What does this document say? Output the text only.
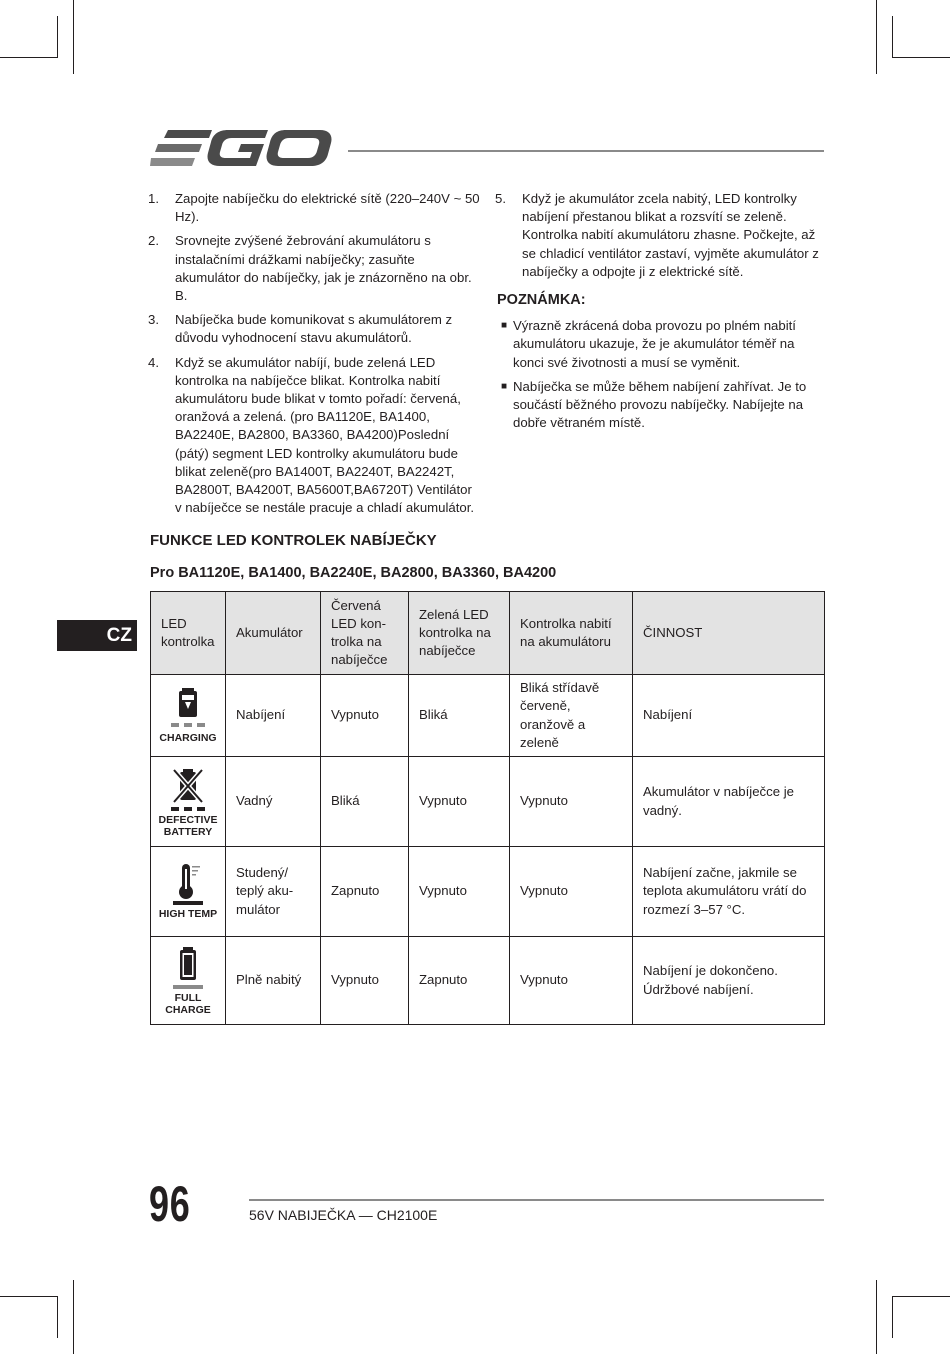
1.	Zapojte nabíječku do elektrické sítě (220–240V ~ 50 Hz).
2.	Srovnejte zvýšené žebrování akumulátoru s instalačními drážkami nabíječky; zasuňte akumulátor do nabíječky, jak je znázorněno na obr. B.
3.	Nabíječka bude komunikovat s akumulátorem z důvodu vyhodnocení stavu akumulátorů.
4.	Když se akumulátor nabíjí, bude zelená LED kontrolka na nabíječce blikat. Kontrolka nabití akumulátoru bude blikat v tomto pořadí: červená, oranžová a zelená. (pro BA1120E, BA1400, BA2240E, BA2800, BA3360, BA4200)Poslední (pátý) segment LED kontrolky akumulátoru bude blikat zeleně(pro BA1400T, BA2240T, BA2242T, BA2800T, BA4200T, BA5600T,BA6720T) Ventilátor v nabíječce se nestále pracuje a chladí akumulátor.
5.	Když je akumulátor zcela nabitý, LED kontrolky nabíjení přestanou blikat a rozsvítí se zeleně. Kontrolka nabití akumulátoru zhasne. Počkejte, až se chladicí ventilátor zastaví, vyjměte akumulátor z nabíječky a odpojte ji z elektrické sítě.
POZNÁMKA:
■ Výrazně zkrácená doba provozu po plném nabití akumulátoru ukazuje, že je akumulátor téměř na konci své životnosti a musí se vyměnit.
■ Nabíječka se může během nabíjení zahřívat. Je to součástí běžného provozu nabíječky. Nabíjejte na dobře větraném místě.
FUNKCE LED KONTROLEK NABÍJEČKY
Pro BA1120E, BA1400, BA2240E, BA2800, BA3360, BA4200
CZ
LED kontrolka	Akumulátor	Červená LED kon-trolka na nabíječce	Zelená LED kontrolka na nabíječce	Kontrolka nabití na akumulátoru	ČINNOST

CHARGING	Nabíjení	Vypnuto	Bliká	Bliká střídavě červeně, oranžově a zeleně	Nabíjení

DEFECTIVE BATTERY	Vadný	Bliká	Vypnuto	Vypnuto	Akumulátor v nabíječce je vadný.

HIGH TEMP	Studený/ teplý aku-mulátor	Zapnuto	Vypnuto	Vypnuto	Nabíjení začne, jakmile se teplota akumulátoru vrátí do rozmezí 3–57 °C.

FULL CHARGE	Plně nabitý	Vypnuto	Zapnuto	Vypnuto	Nabíjení je dokončeno. Údržbové nabíjení.
96	56V NABIJEČKA — CH2100E
